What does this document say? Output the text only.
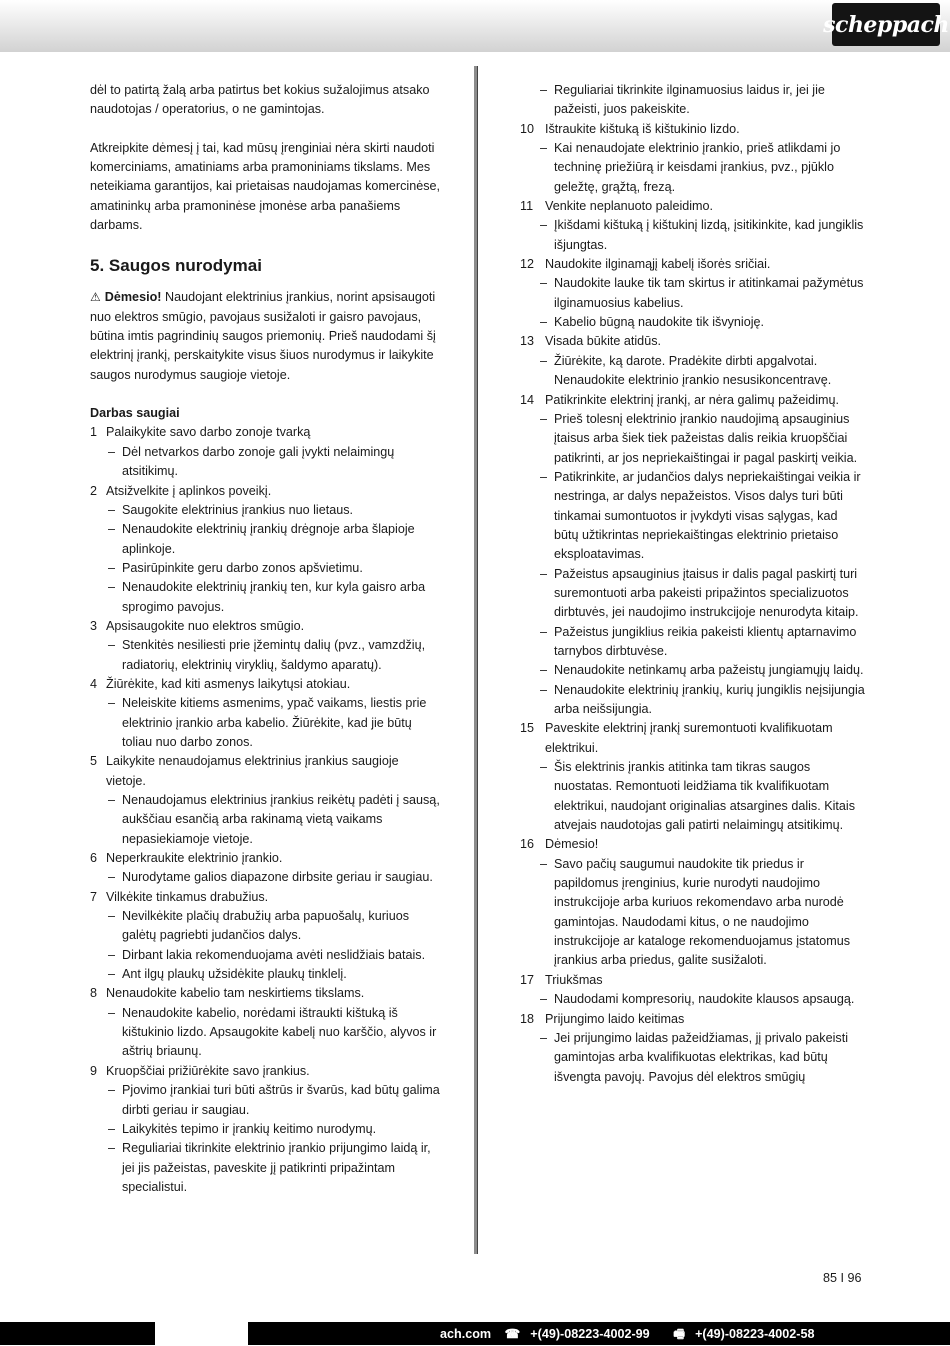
scheppach

dėl to patirtą žalą arba patirtus bet kokius sužalojimus atsako naudotojas / operatorius, o ne gamintojas.

Atkreipkite dėmesį į tai, kad mūsų įrenginiai nėra skirti naudoti komerciniams, amatiniams arba pramoniniams tikslams. Mes neteikiama garantijos, kai prietaisas naudojamas komercinėse, amatininkų arba pramoninėse įmonėse arba panašiems darbams.

5. Saugos nurodymai

⚠ Dėmesio! Naudojant elektrinius įrankius, norint apsisaugoti nuo elektros smūgio, pavojaus susižaloti ir gaisro pavojaus, būtina imtis pagrindinių saugos priemonių. Prieš naudodami šį elektrinį įrankį, perskaitykite visus šiuos nurodymus ir laikykite saugos nurodymus saugioje vietoje.

Darbas saugiai

1 Palaikykite savo darbo zonoje tvarką
– Dėl netvarkos darbo zonoje gali įvykti nelaimingų atsitikimų.
2 Atsižvelkite į aplinkos poveikį.
– Saugokite elektrinius įrankius nuo lietaus.
– Nenaudokite elektrinių įrankių drėgnoje arba šlapioje aplinkoje.
– Pasirūpinkite geru darbo zonos apšvietimu.
– Nenaudokite elektrinių įrankių ten, kur kyla gaisro arba sprogimo pavojus.
3 Apsisaugokite nuo elektros smūgio.
– Stenkitės nesiliesti prie įžemintų dalių (pvz., vamzdžių, radiatorių, elektrinių viryklių, šaldymo aparatų).
4 Žiūrėkite, kad kiti asmenys laikytųsi atokiau.
– Neleiskite kitiems asmenims, ypač vaikams, liestis prie elektrinio įrankio arba kabelio. Žiūrėkite, kad jie būtų toliau nuo darbo zonos.
5 Laikykite nenaudojamus elektrinius įrankius saugioje vietoje.
– Nenaudojamus elektrinius įrankius reikėtų padėti į sausą, aukščiau esančią arba rakinamą vietą vaikams nepasiekiamoje vietoje.
6 Neperkraukite elektrinio įrankio.
– Nurodytame galios diapazone dirbsite geriau ir saugiau.
7 Vilkėkite tinkamus drabužius.
– Nevilkėkite plačių drabužių arba papuošalų, kuriuos galėtų pagriebti judančios dalys.
– Dirbant lakia rekomenduojama avėti neslidžiais batais.
– Ant ilgų plaukų užsidėkite plaukų tinklelį.
8 Nenaudokite kabelio tam neskirtiems tikslams.
– Nenaudokite kabelio, norėdami ištraukti kištuką iš kištukinio lizdo. Apsaugokite kabelį nuo karščio, alyvos ir aštrių briaunų.
9 Kruopščiai prižiūrėkite savo įrankius.
– Pjovimo įrankiai turi būti aštrūs ir švarūs, kad būtų galima dirbti geriau ir saugiau.
– Laikykitės tepimo ir įrankių keitimo nurodymų.
– Reguliariai tikrinkite elektrinio įrankio prijungimo laidą ir, jei jis pažeistas, paveskite jį patikrinti pripažintam specialistui.
– Reguliariai tikrinkite ilginamuosius laidus ir, jei jie pažeisti, juos pakeiskite.
10 Ištraukite kištuką iš kištukinio lizdo.
– Kai nenaudojate elektrinio įrankio, prieš atlikdami jo techninę priežiūrą ir keisdami įrankius, pvz., pjūklo geležtę, grąžtą, frezą.
11 Venkite neplanuoto paleidimo.
– Įkišdami kištuką į kištukinį lizdą, įsitikinkite, kad jungiklis išjungtas.
12 Naudokite ilginamąjį kabelį išorės sričiai.
– Naudokite lauke tik tam skirtus ir atitinkamai pažymėtus ilginamuosius kabelius.
– Kabelio būgną naudokite tik išvynioję.
13 Visada būkite atidūs.
– Žiūrėkite, ką darote. Pradėkite dirbti apgalvotai. Nenaudokite elektrinio įrankio nesusikoncentravę.
14 Patikrinkite elektrinį įrankį, ar nėra galimų pažeidimų.
– Prieš tolesnį elektrinio įrankio naudojimą apsauginius įtaisus arba šiek tiek pažeistas dalis reikia kruopščiai patikrinti, ar jos nepriekaištingai ir pagal paskirtį veikia.
– Patikrinkite, ar judančios dalys nepriekaištingai veikia ir nestringa, ar dalys nepažeistos. Visos dalys turi būti tinkamai sumontuotos ir įvykdyti visas sąlygas, kad būtų užtikrintas nepriekaištingas elektrinio prietaiso eksploatavimas.
– Pažeistus apsauginius įtaisus ir dalis pagal paskirtį turi suremontuoti arba pakeisti pripažintos specializuotos dirbtuvės, jei naudojimo instrukcijoje nenurodyta kitaip.
– Pažeistus jungiklius reikia pakeisti klientų aptarnavimo tarnybos dirbtuvėse.
– Nenaudokite netinkamų arba pažeistų jungiamųjų laidų.
– Nenaudokite elektrinių įrankių, kurių jungiklis neįsijungia arba neišsijungia.
15 Paveskite elektrinį įrankį suremontuoti kvalifikuotam elektrikui.
– Šis elektrinis įrankis atitinka tam tikras saugos nuostatas. Remontuoti leidžiama tik kvalifikuotam elektrikui, naudojant originalias atsargines dalis. Kitais atvejais naudotojas gali patirti nelaimingų atsitikimų.
16 Dėmesio!
– Savo pačių saugumui naudokite tik priedus ir papildomus įrenginius, kurie nurodyti naudojimo instrukcijoje arba kuriuos rekomendavo arba nurodė gamintojas. Naudodami kitus, o ne naudojimo instrukcijoje ar kataloge rekomenduojamus įstatomus įrankius arba priedus, galite susižaloti.
17 Triukšmas
– Naudodami kompresorių, naudokite klausos apsaugą.
18 Prijungimo laido keitimas
– Jei prijungimo laidas pažeidžiamas, jį privalo pakeisti gamintojas arba kvalifikuotas elektrikas, kad būtų išvengta pavojų. Pavojus dėl elektros smūgių
85 I 96
ach.com ☎ +(49)-08223-4002-99 🖷 +(49)-08223-4002-58
